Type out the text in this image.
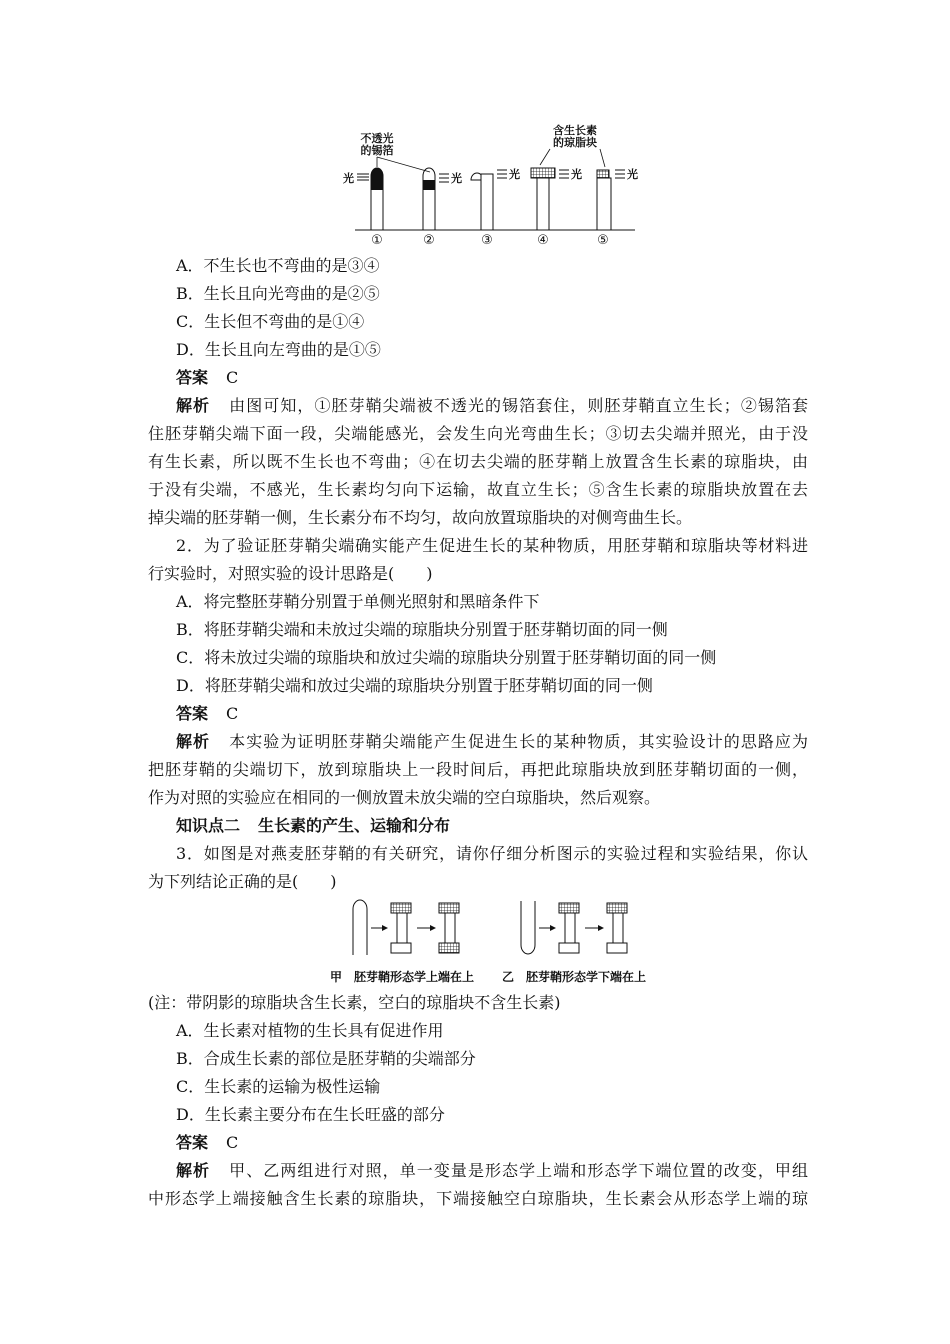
不透光
的锡箔
含生长素
的琼脂块
光
①
光
②
光
③
光
④
光
⑤
A．不生长也不弯曲的是③④
B．生长且向光弯曲的是②⑤
C．生长但不弯曲的是①④
D．生长且向左弯曲的是①⑤
答案 C
解析 由图可知，①胚芽鞘尖端被不透光的锡箔套住，则胚芽鞘直立生长；②锡箔套
住胚芽鞘尖端下面一段，尖端能感光，会发生向光弯曲生长；③切去尖端并照光，由于没
有生长素，所以既不生长也不弯曲；④在切去尖端的胚芽鞘上放置含生长素的琼脂块，由
于没有尖端，不感光，生长素均匀向下运输，故直立生长；⑤含生长素的琼脂块放置在去
掉尖端的胚芽鞘一侧，生长素分布不均匀，故向放置琼脂块的对侧弯曲生长。
2．为了验证胚芽鞘尖端确实能产生促进生长的某种物质，用胚芽鞘和琼脂块等材料进
行实验时，对照实验的设计思路是(　　)
A．将完整胚芽鞘分别置于单侧光照射和黑暗条件下
B．将胚芽鞘尖端和未放过尖端的琼脂块分别置于胚芽鞘切面的同一侧
C．将未放过尖端的琼脂块和放过尖端的琼脂块分别置于胚芽鞘切面的同一侧
D．将胚芽鞘尖端和放过尖端的琼脂块分别置于胚芽鞘切面的同一侧
答案 C
解析 本实验为证明胚芽鞘尖端能产生促进生长的某种物质，其实验设计的思路应为
把胚芽鞘的尖端切下，放到琼脂块上一段时间后，再把此琼脂块放到胚芽鞘切面的一侧，
作为对照的实验应在相同的一侧放置未放尖端的空白琼脂块，然后观察。
知识点二 生长素的产生、运输和分布
3．如图是对燕麦胚芽鞘的有关研究，请你仔细分析图示的实验过程和实验结果，你认
为下列结论正确的是(　　)
甲　胚芽鞘形态学上端在上 乙　胚芽鞘形态学下端在上
(注：带阴影的琼脂块含生长素，空白的琼脂块不含生长素)
A．生长素对植物的生长具有促进作用
B．合成生长素的部位是胚芽鞘的尖端部分
C．生长素的运输为极性运输
D．生长素主要分布在生长旺盛的部分
答案 C
解析 甲、乙两组进行对照，单一变量是形态学上端和形态学下端位置的改变，甲组
中形态学上端接触含生长素的琼脂块，下端接触空白琼脂块，生长素会从形态学上端的琼
